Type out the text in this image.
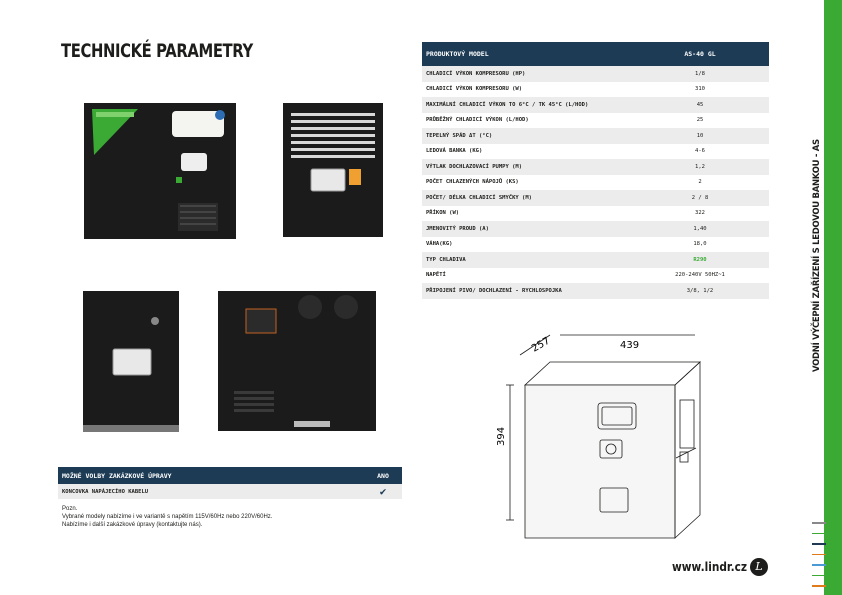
TECHNICKÉ PARAMETRY	PRODUKTOVÝ MODEL	AS-40 GL
CHLADICÍ VÝKON KOMPRESORU (HP)	1/8
CHLADICÍ VÝKON KOMPRESORU (W)	310
MAXIMÁLNÍ CHLADICÍ VÝKON TO 6°C / TK 45°C (L/HOD)	45
PRŮBĚŽNÝ CHLADICÍ VÝKON (L/HOD)	25
TEPELNÝ SPÁD ΔT (°C)	10
LEDOVÁ BANKA (KG)	4-6
VÝTLAK DOCHLAZOVACÍ PUMPY (M)	1,2
POČET CHLAZENÝCH NÁPOJŮ (KS)	2
POČET/ DÉLKA CHLADICÍ SMYČKY (M)	2 / 8
PŘÍKON (W)	322
JMENOVITÝ PROUD (A)	1,40
VÁHA(KG)	18,0
TYP CHLADIVA	R290
NAPĚTÍ	220-240V 50HZ~1
PŘIPOJENÍ PIVO/ DOCHLAZENÍ - RYCHLOSPOJKA	3/8, 1/2
MOŽNÉ VOLBY ZAKÁZKOVÉ ÚPRAVY	ANO
KONCOVKA NAPÁJECÍHO KABELU	✔
Pozn.
Vybrané modely nabízíme i ve variantě s napětím 115V/60Hz nebo 220V/60Hz.
Nabízíme i další zakázkové úpravy (kontaktujte nás).
394
257	439	VODNÍ VÝČEPNÍ ZAŘÍZENÍ S LEDOVOU BANKOU - AS
www.lindr.cz L
